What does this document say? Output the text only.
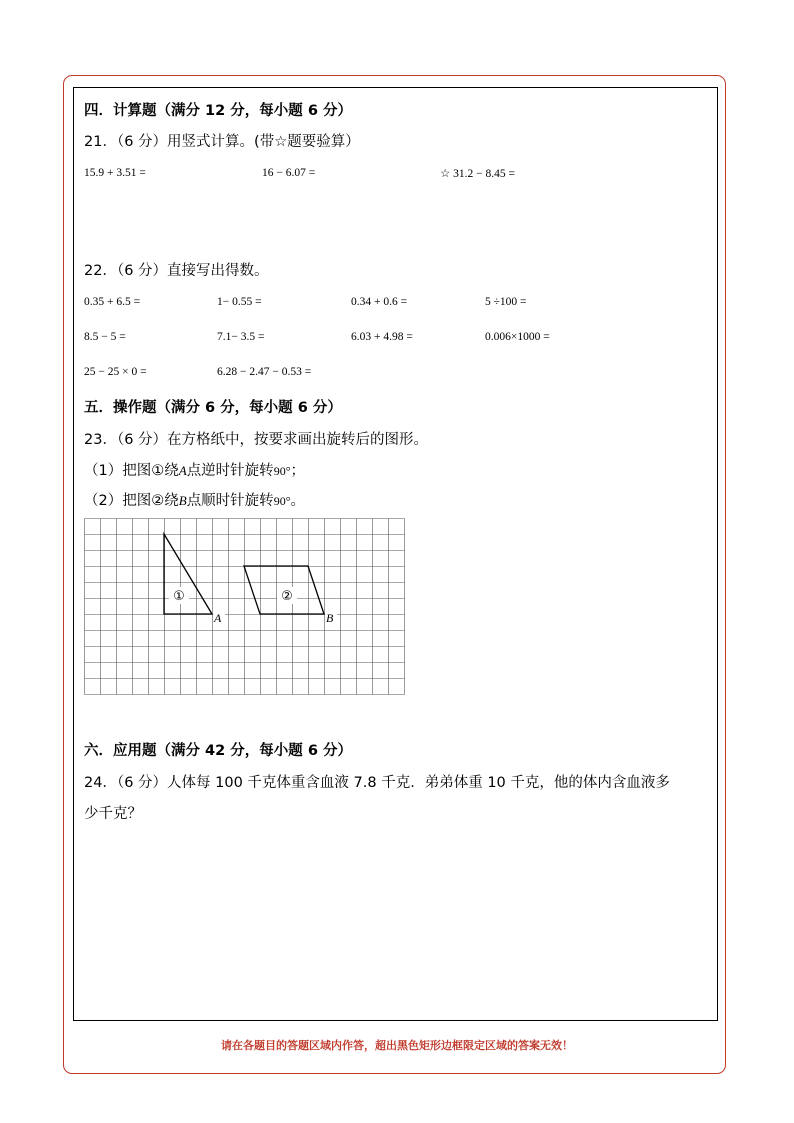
四．计算题（满分 12 分，每小题 6 分）
21．（6 分）用竖式计算。(带☆题要验算）
15.9 + 3.51 =	16 − 6.07 =	☆ 31.2 − 8.45 =
22．（6 分）直接写出得数。
0.35 + 6.5 =	1− 0.55 =	0.34 + 0.6 =	5 ÷100 =
8.5 − 5 =	7.1− 3.5 =	6.03 + 4.98 =	0.006×1000 =
25 − 25 × 0 =	6.28 − 2.47 − 0.53 =
五．操作题（满分 6 分，每小题 6 分）
23．（6 分）在方格纸中，按要求画出旋转后的图形。
（1）把图①绕A点逆时针旋转90°；
（2）把图②绕B点顺时针旋转90°。
①	②
A	B
六．应用题（满分 42 分，每小题 6 分）
24．（6 分）人体每 100 千克体重含血液 7.8 千克．弟弟体重 10 千克，他的体内含血液多
少千克？
请在各题目的答题区域内作答，超出黑色矩形边框限定区域的答案无效！
